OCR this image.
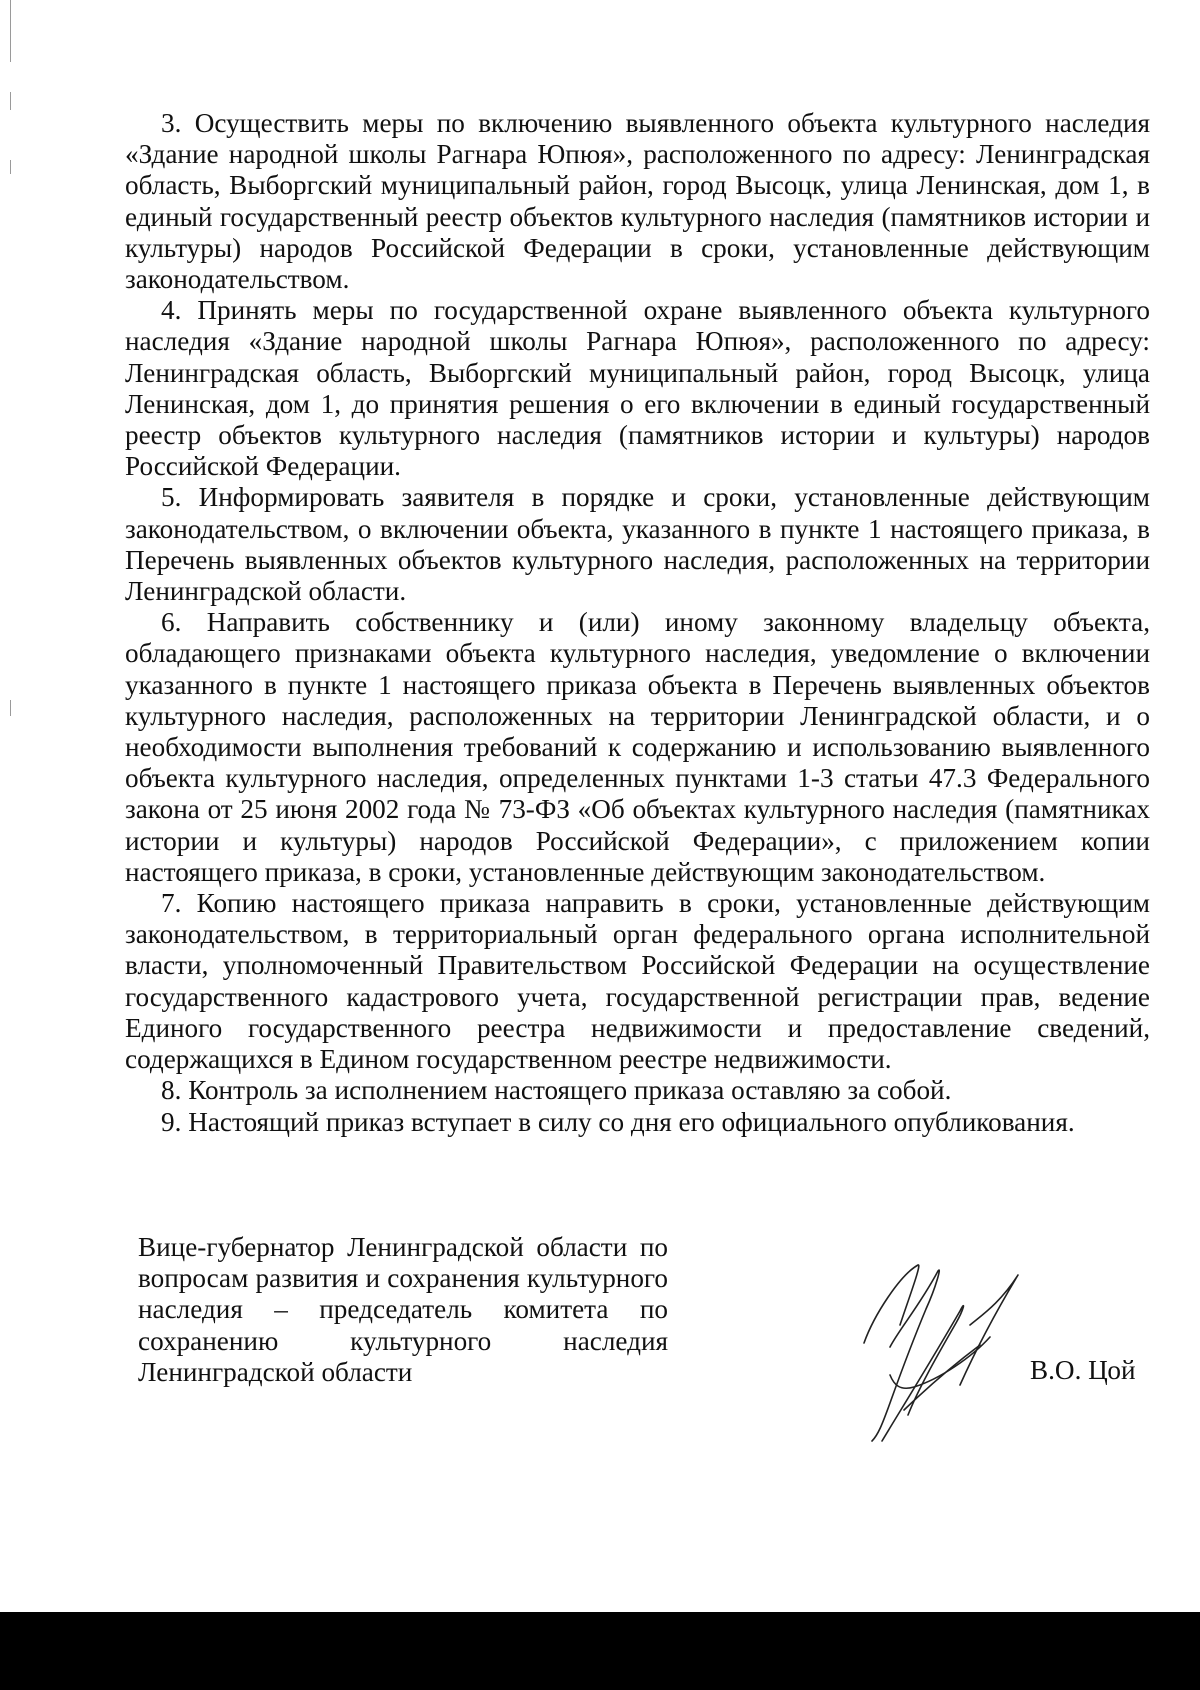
3. Осуществить меры по включению выявленного объекта культурного наследия «Здание народной школы Рагнара Юпюя», расположенного по адресу: Ленинградская область, Выборгский муниципальный район, город Высоцк, улица Ленинская, дом 1, в единый государственный реестр объектов культурного наследия (памятников истории и культуры) народов Российской Федерации в сроки, установленные действующим законодательством.

4. Принять меры по государственной охране выявленного объекта культурного наследия «Здание народной школы Рагнара Юпюя», расположенного по адресу: Ленинградская область, Выборгский муниципальный район, город Высоцк, улица Ленинская, дом 1, до принятия решения о его включении в единый государственный реестр объектов культурного наследия (памятников истории и культуры) народов Российской Федерации.

5. Информировать заявителя в порядке и сроки, установленные действующим законодательством, о включении объекта, указанного в пункте 1 настоящего приказа, в Перечень выявленных объектов культурного наследия, расположенных на территории Ленинградской области.

6. Направить собственнику и (или) иному законному владельцу объекта, обладающего признаками объекта культурного наследия, уведомление о включении указанного в пункте 1 настоящего приказа объекта в Перечень выявленных объектов культурного наследия, расположенных на территории Ленинградской области, и о необходимости выполнения требований к содержанию и использованию выявленного объекта культурного наследия, определенных пунктами 1-3 статьи 47.3 Федерального закона от 25 июня 2002 года № 73-ФЗ «Об объектах культурного наследия (памятниках истории и культуры) народов Российской Федерации», с приложением копии настоящего приказа, в сроки, установленные действующим законодательством.

7. Копию настоящего приказа направить в сроки, установленные действующим законодательством, в территориальный орган федерального органа исполнительной власти, уполномоченный Правительством Российской Федерации на осуществление государственного кадастрового учета, государственной регистрации прав, ведение Единого государственного реестра недвижимости и предоставление сведений, содержащихся в Едином государственном реестре недвижимости.

8. Контроль за исполнением настоящего приказа оставляю за собой.

9. Настоящий приказ вступает в силу со дня его официального опубликования.

Вице-губернатор Ленинградской области по вопросам развития и сохранения культурного наследия – председатель комитета по сохранению культурного наследия Ленинградской области	В.О. Цой
